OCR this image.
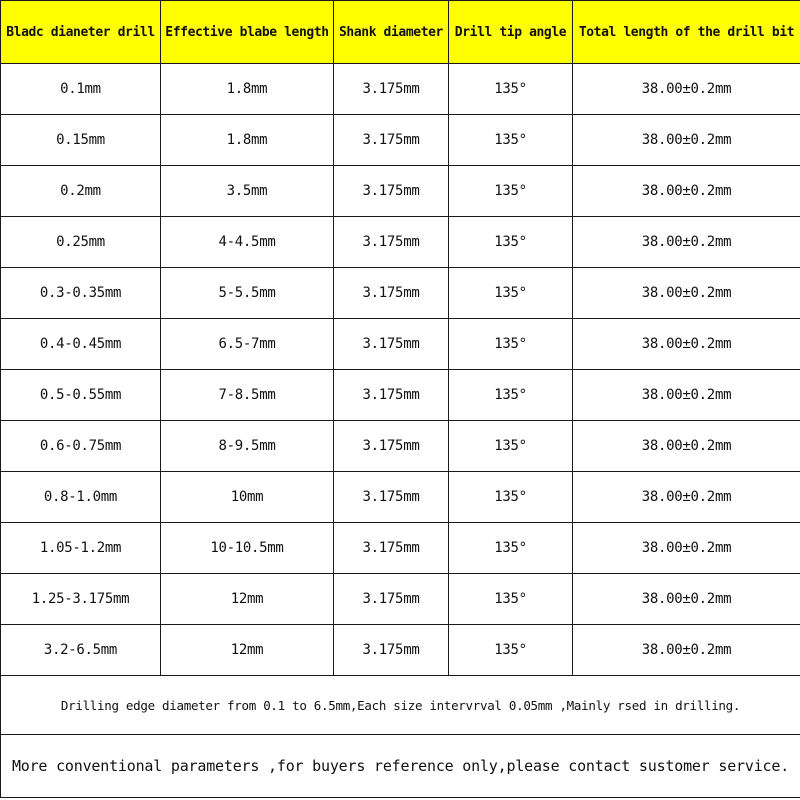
Bladc dianeter drill	Effective blabe length	Shank diameter	Drill tip angle	Total length of the drill bit
0.1mm	1.8mm	3.175mm	135°	38.00±0.2mm
0.15mm	1.8mm	3.175mm	135°	38.00±0.2mm
0.2mm	3.5mm	3.175mm	135°	38.00±0.2mm
0.25mm	4-4.5mm	3.175mm	135°	38.00±0.2mm
0.3-0.35mm	5-5.5mm	3.175mm	135°	38.00±0.2mm
0.4-0.45mm	6.5-7mm	3.175mm	135°	38.00±0.2mm
0.5-0.55mm	7-8.5mm	3.175mm	135°	38.00±0.2mm
0.6-0.75mm	8-9.5mm	3.175mm	135°	38.00±0.2mm
0.8-1.0mm	10mm	3.175mm	135°	38.00±0.2mm
1.05-1.2mm	10-10.5mm	3.175mm	135°	38.00±0.2mm
1.25-3.175mm	12mm	3.175mm	135°	38.00±0.2mm
3.2-6.5mm	12mm	3.175mm	135°	38.00±0.2mm
Drilling edge diameter from 0.1 to 6.5mm,Each size intervrval 0.05mm ,Mainly rsed in drilling.				
More conventional parameters ,for buyers reference only,please contact sustomer service.				
